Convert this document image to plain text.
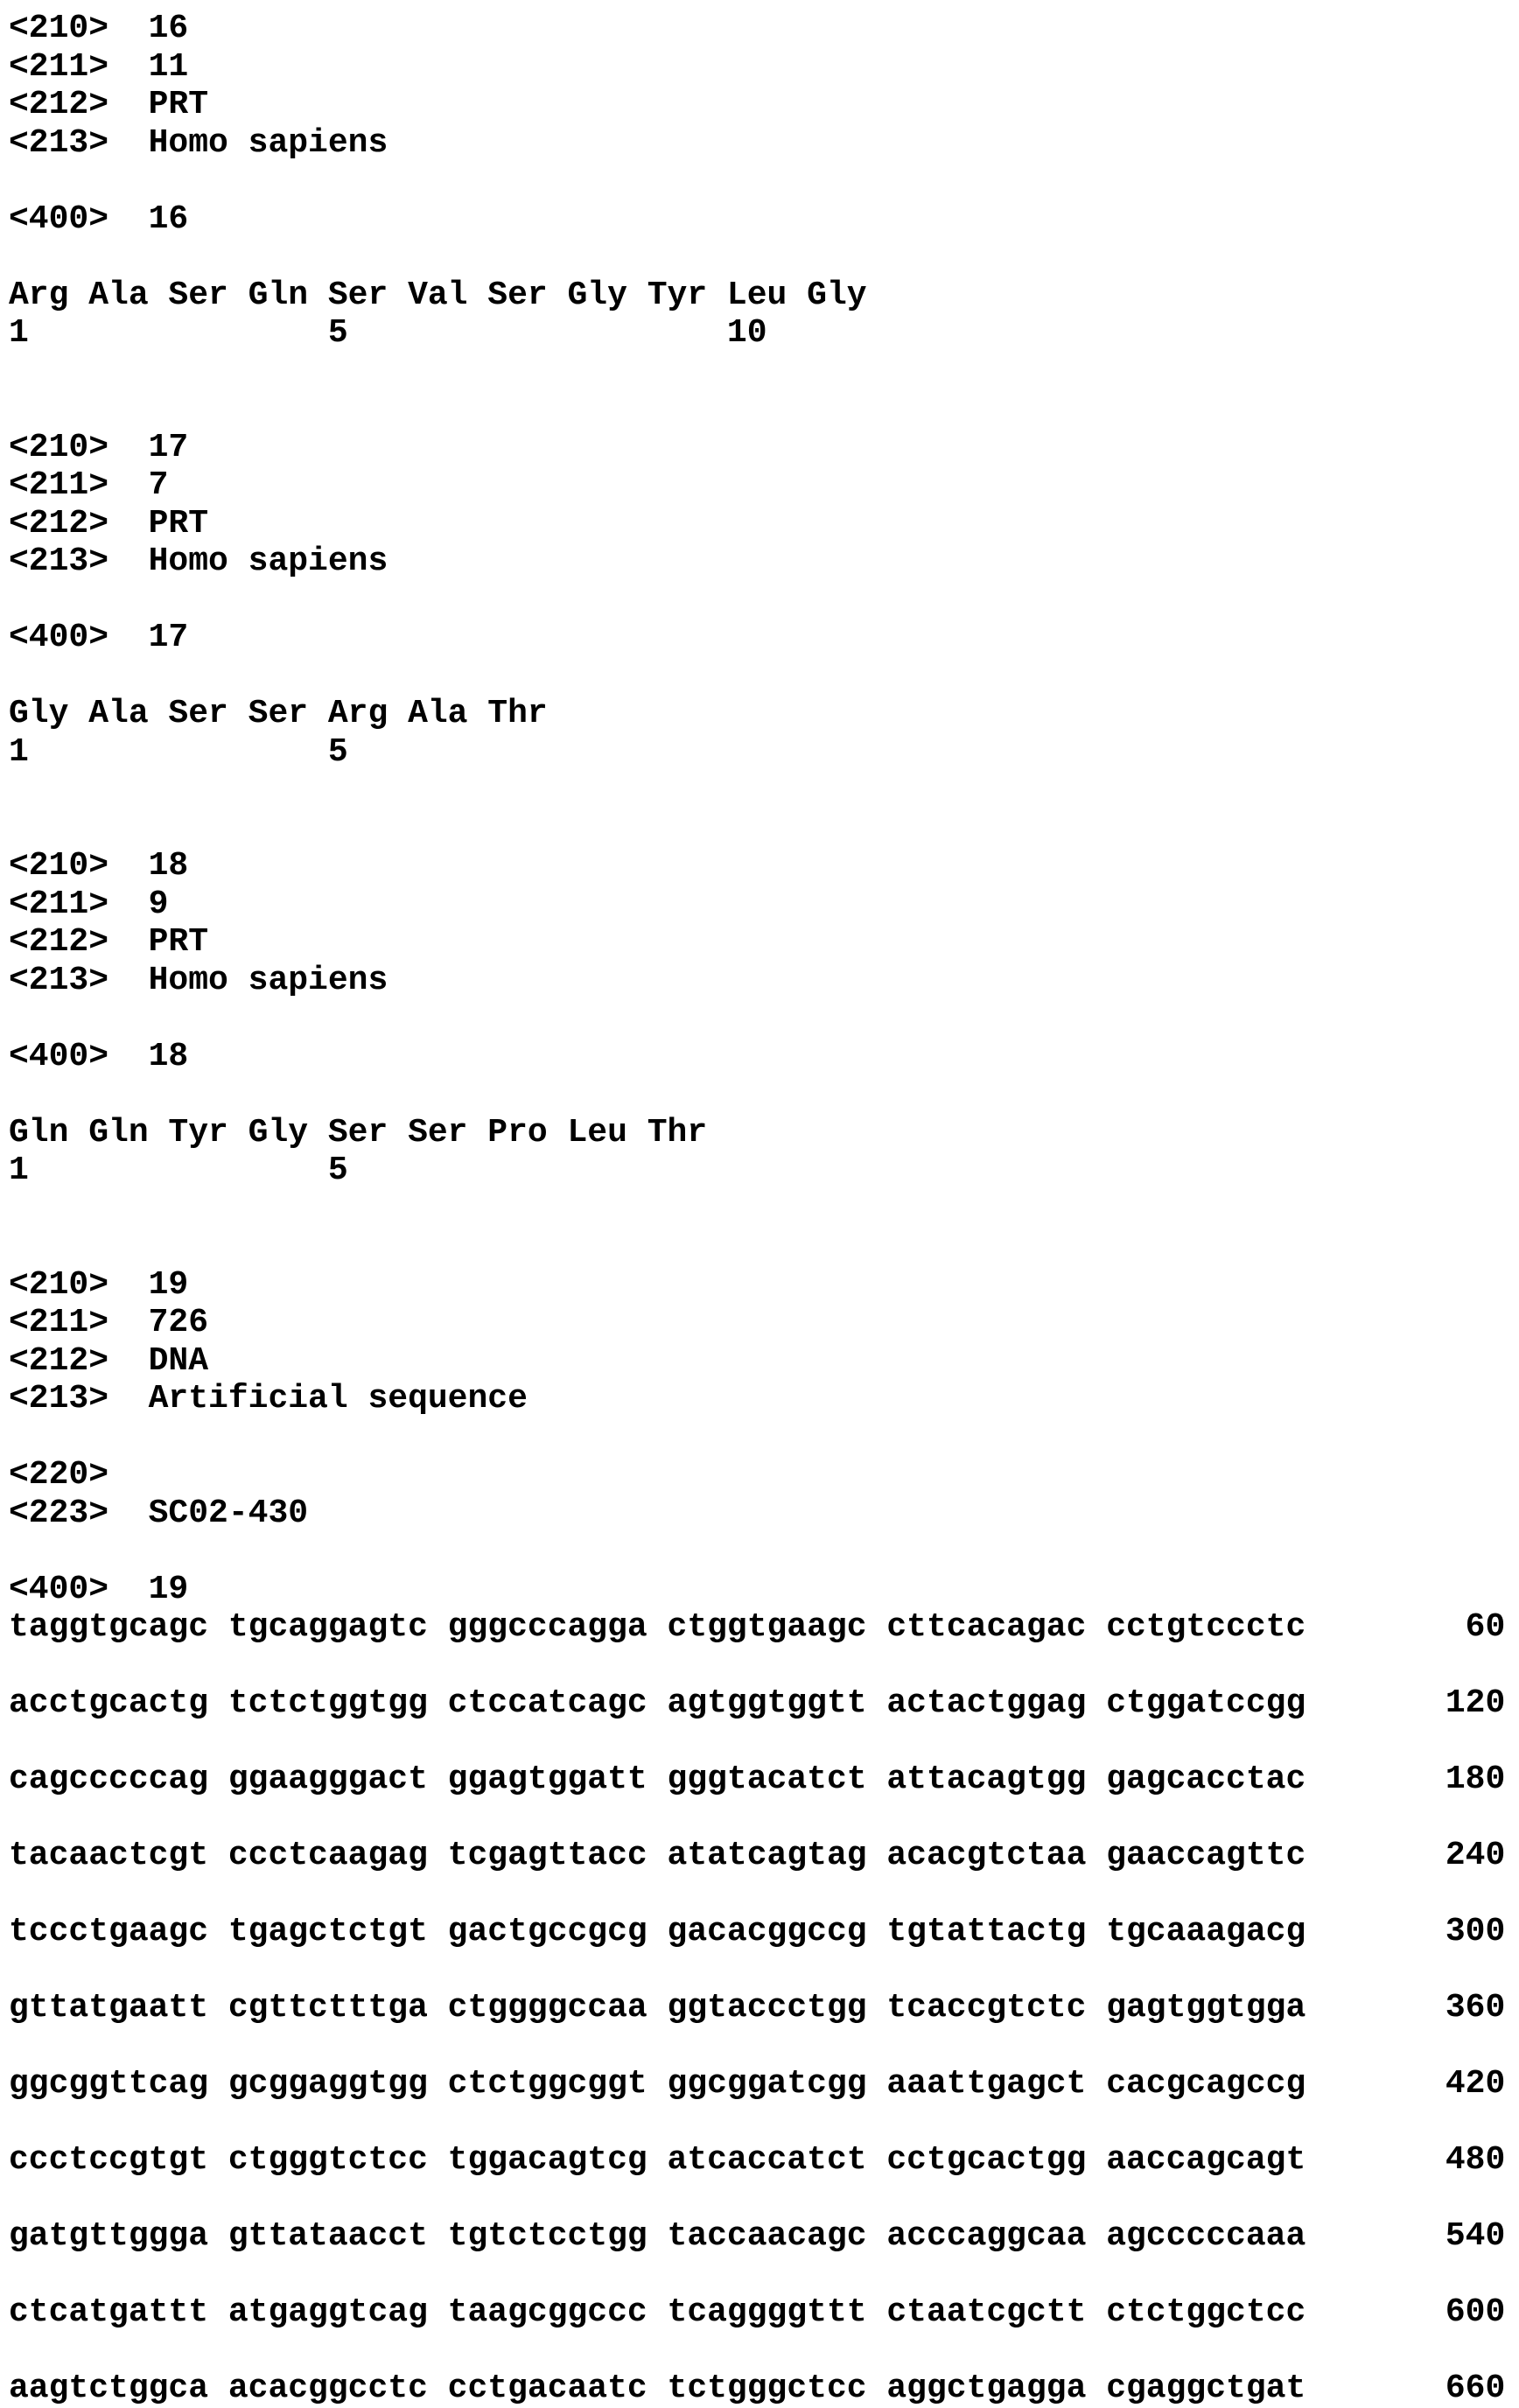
<210> 16
<211> 11
<212> PRT
<213> Homo sapiens
<400> 16
Arg Ala Ser Gln Ser Val Ser Gly Tyr Leu Gly
1               5                   10
<210> 17
<211> 7
<212> PRT
<213> Homo sapiens
<400> 17
Gly Ala Ser Ser Arg Ala Thr
1               5
<210> 18
<211> 9
<212> PRT
<213> Homo sapiens
<400> 18
Gln Gln Tyr Gly Ser Ser Pro Leu Thr
1               5
<210> 19
<211> 726
<212> DNA
<213> Artificial sequence
<220>
<223> SC02-430
<400> 19
taggtgcagc tgcaggagtc gggcccagga ctggtgaagc cttcacagac cctgtccctc	60
acctgcactg tctctggtgg ctccatcagc agtggtggtt actactggag ctggatccgg	120
cagcccccag ggaagggact ggagtggatt gggtacatct attacagtgg gagcacctac	180
tacaactcgt ccctcaagag tcgagttacc atatcagtag acacgtctaa gaaccagttc	240
tccctgaagc tgagctctgt gactgccgcg gacacggccg tgtattactg tgcaaagacg	300
gttatgaatt cgttctttga ctggggccaa ggtaccctgg tcaccgtctc gagtggtgga	360
ggcggttcag gcggaggtgg ctctggcggt ggcggatcgg aaattgagct cacgcagccg	420
ccctccgtgt ctgggtctcc tggacagtcg atcaccatct cctgcactgg aaccagcagt	480
gatgttggga gttataacct tgtctcctgg taccaacagc acccaggcaa agcccccaaa	540
ctcatgattt atgaggtcag taagcggccc tcaggggttt ctaatcgctt ctctggctcc	600
aagtctggca acacggcctc cctgacaatc tctgggctcc aggctgagga cgaggctgat	660
